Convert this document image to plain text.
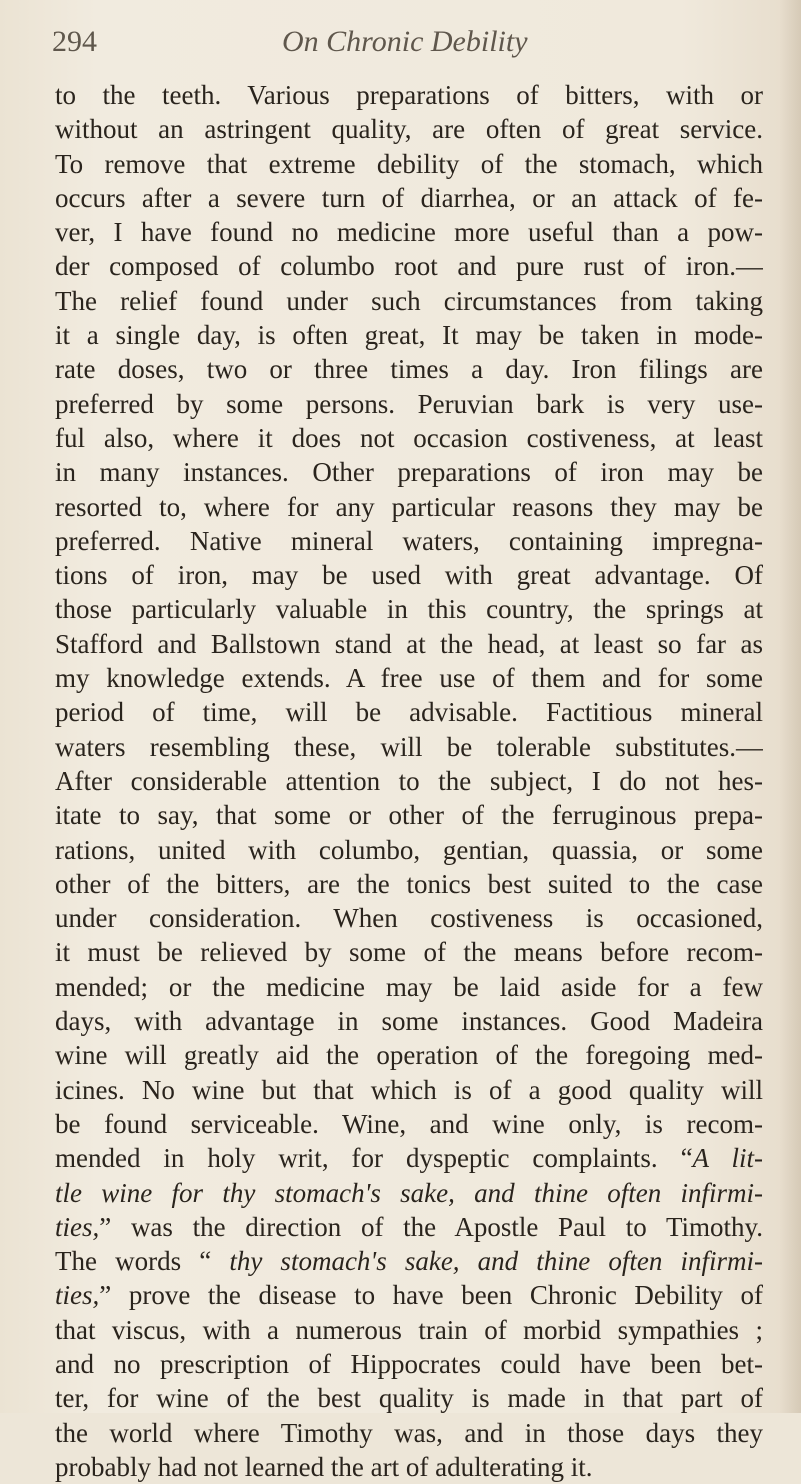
294	On Chronic Debility
to the teeth. Various preparations of bitters, with or
without an astringent quality, are often of great service.
To remove that extreme debility of the stomach, which
occurs after a severe turn of diarrhea, or an attack of fe-
ver, I have found no medicine more useful than a pow-
der composed of columbo root and pure rust of iron.—
The relief found under such circumstances from taking
it a single day, is often great, It may be taken in mode-
rate doses, two or three times a day. Iron filings are
preferred by some persons. Peruvian bark is very use-
ful also, where it does not occasion costiveness, at least
in many instances. Other preparations of iron may be
resorted to, where for any particular reasons they may be
preferred. Native mineral waters, containing impregna-
tions of iron, may be used with great advantage. Of
those particularly valuable in this country, the springs at
Stafford and Ballstown stand at the head, at least so far as
my knowledge extends. A free use of them and for some
period of time, will be advisable. Factitious mineral
waters resembling these, will be tolerable substitutes.—
After considerable attention to the subject, I do not hes-
itate to say, that some or other of the ferruginous prepa-
rations, united with columbo, gentian, quassia, or some
other of the bitters, are the tonics best suited to the case
under consideration. When costiveness is occasioned,
it must be relieved by some of the means before recom-
mended; or the medicine may be laid aside for a few
days, with advantage in some instances. Good Madeira
wine will greatly aid the operation of the foregoing med-
icines. No wine but that which is of a good quality will
be found serviceable. Wine, and wine only, is recom-
mended in holy writ, for dyspeptic complaints. “A lit-
tle wine for thy stomach's sake, and thine often infirmi-
ties,” was the direction of the Apostle Paul to Timothy.
The words “ thy stomach's sake, and thine often infirmi-
ties,” prove the disease to have been Chronic Debility of
that viscus, with a numerous train of morbid sympathies ;
and no prescription of Hippocrates could have been bet-
ter, for wine of the best quality is made in that part of
the world where Timothy was, and in those days they
probably had not learned the art of adulterating it.
